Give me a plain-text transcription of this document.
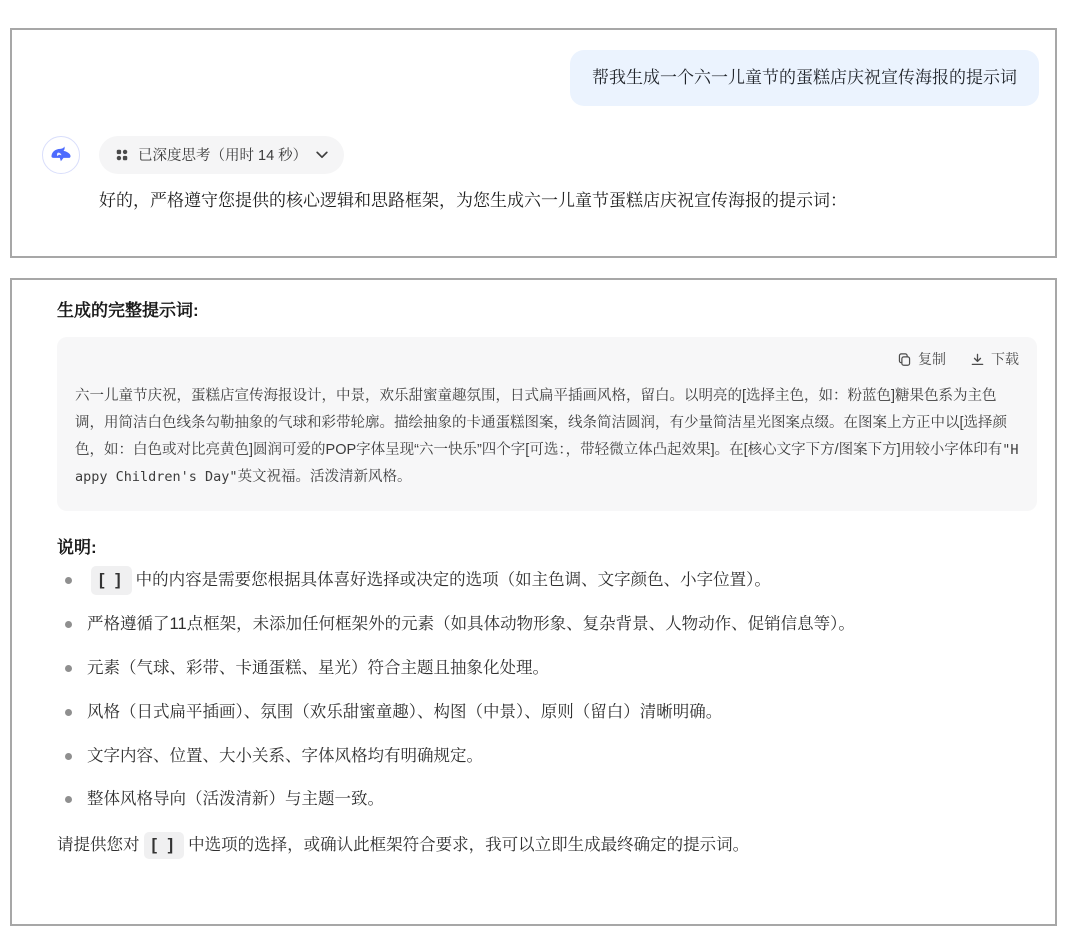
帮我生成一个六一儿童节的蛋糕店庆祝宣传海报的提示词
已深度思考（用时 14 秒）

好的，严格遵守您提供的核心逻辑和思路框架，为您生成六一儿童节蛋糕店庆祝宣传海报的提示词：

生成的完整提示词:
复制	下载

六一儿童节庆祝，蛋糕店宣传海报设计，中景，欢乐甜蜜童趣氛围，日式扁平插画风格，留白。以明亮的[选择主色，如：粉蓝色]糖果色系为主色调，用简洁白色线条勾勒抽象的气球和彩带轮廓。描绘抽象的卡通蛋糕图案，线条简洁圆润，有少量简洁星光图案点缀。在图案上方正中以[选择颜色，如：白色或对比亮黄色]圆润可爱的POP字体呈现“六一快乐”四个字[可选：，带轻微立体凸起效果]。在[核心文字下方/图案下方]用较小字体印有"Happy Children's Day"英文祝福。活泼清新风格。

说明:
[ ] 中的内容是需要您根据具体喜好选择或决定的选项（如主色调、文字颜色、小字位置）。
严格遵循了11点框架，未添加任何框架外的元素（如具体动物形象、复杂背景、人物动作、促销信息等）。
元素（气球、彩带、卡通蛋糕、星光）符合主题且抽象化处理。
风格（日式扁平插画）、氛围（欢乐甜蜜童趣）、构图（中景）、原则（留白）清晰明确。
文字内容、位置、大小关系、字体风格均有明确规定。
整体风格导向（活泼清新）与主题一致。

请提供您对 [ ] 中选项的选择，或确认此框架符合要求，我可以立即生成最终确定的提示词。
